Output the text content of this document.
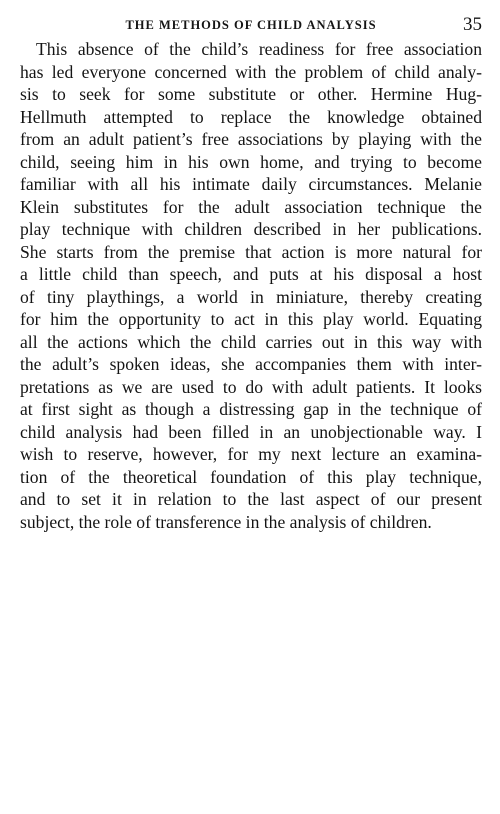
THE METHODS OF CHILD ANALYSIS	35
This absence of the child’s readiness for free association
has led everyone concerned with the problem of child analy-
sis to seek for some substitute or other. Hermine Hug-
Hellmuth attempted to replace the knowledge obtained
from an adult patient’s free associations by playing with the
child, seeing him in his own home, and trying to become
familiar with all his intimate daily circumstances. Melanie
Klein substitutes for the adult association technique the
play technique with children described in her publications.
She starts from the premise that action is more natural for
a little child than speech, and puts at his disposal a host
of tiny playthings, a world in miniature, thereby creating
for him the opportunity to act in this play world. Equating
all the actions which the child carries out in this way with
the adult’s spoken ideas, she accompanies them with inter-
pretations as we are used to do with adult patients. It looks
at first sight as though a distressing gap in the technique of
child analysis had been filled in an unobjectionable way. I
wish to reserve, however, for my next lecture an examina-
tion of the theoretical foundation of this play technique,
and to set it in relation to the last aspect of our present
subject, the role of transference in the analysis of children.
